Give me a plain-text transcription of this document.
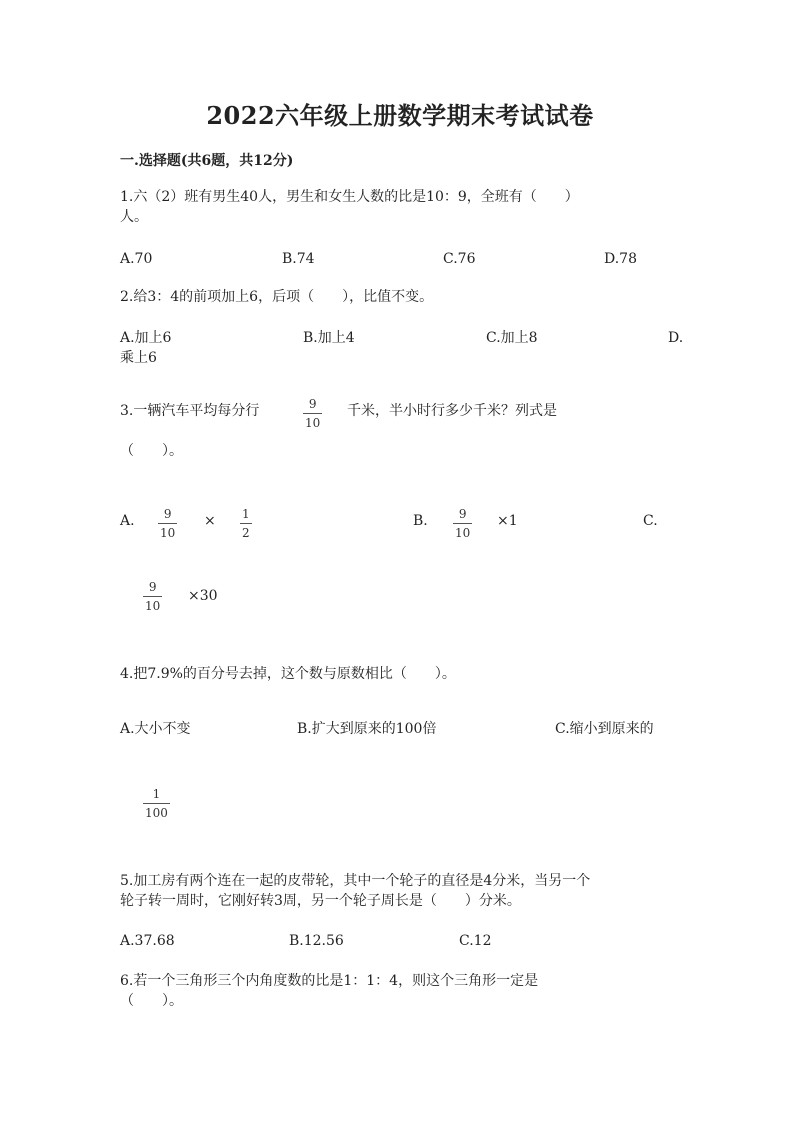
2022六年级上册数学期末考试试卷
一.选择题(共6题，共12分)
1.六（2）班有男生40人，男生和女生人数的比是10：9，全班有（　　）
人。
A.70	B.74	C.76	D.78
2.给3：4的前项加上6，后项（　　），比值不变。
A.加上6	B.加上4	C.加上8	D.
乘上6
3.一辆汽车平均每分行	9
10
千米，半小时行多少千米？列式是
（　　）。
A. 9
10
× 1
2
B.	9
10
×1	C.
9
10
×30
4.把7.9%的百分号去掉，这个数与原数相比（　　）。
A.大小不变	B.扩大到原来的100倍	C.缩小到原来的
1
100
5.加工房有两个连在一起的皮带轮，其中一个轮子的直径是4分米，当另一个
轮子转一周时，它刚好转3周，另一个轮子周长是（　　）分米。
A.37.68	B.12.56	C.12
6.若一个三角形三个内角度数的比是1：1：4，则这个三角形一定是
（　　）。
